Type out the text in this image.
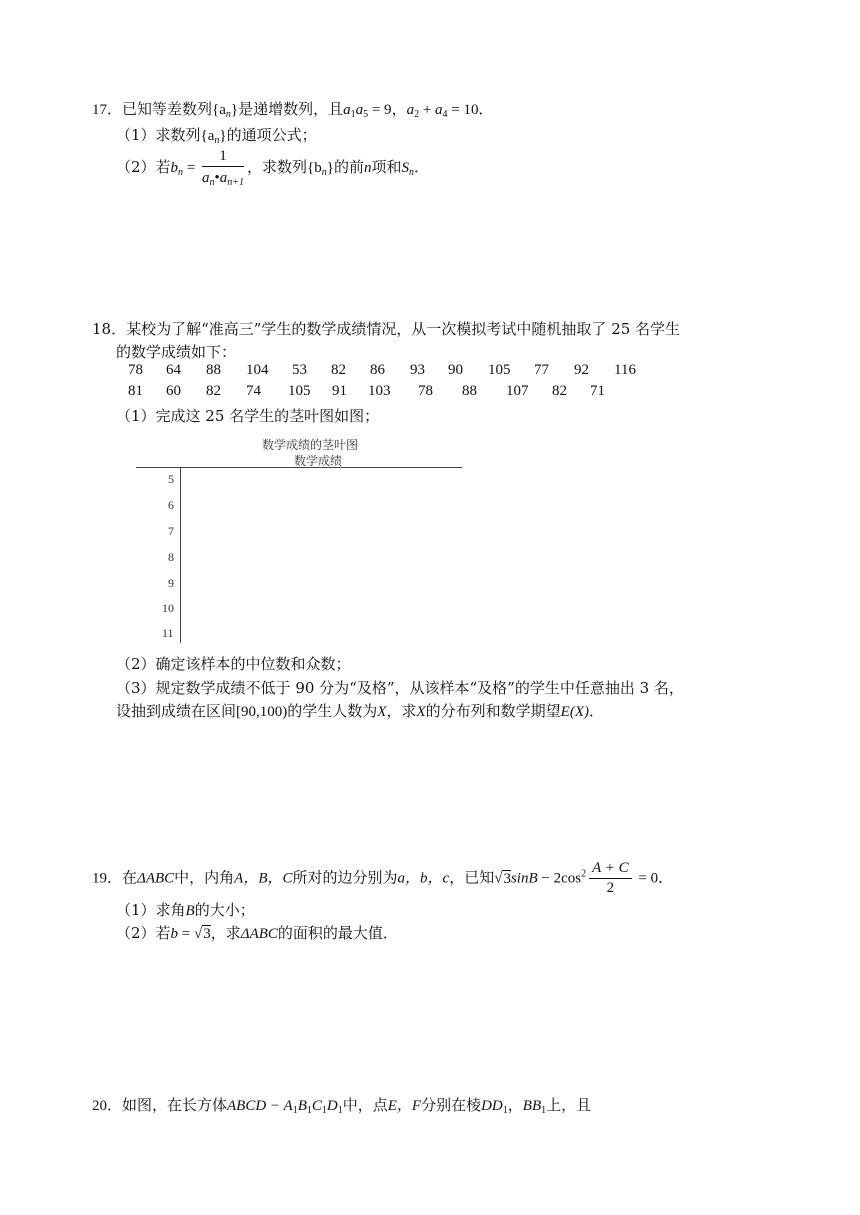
17．已知等差数列$\{a_n\}$是递增数列，且$a_1a_5 = 9$，$a_2 + a_4 = 10$．
（1）求数列$\{a_n\}$的通项公式；
（2）若$b_n = \frac{1}{a_n•a_{n+1}}$ ，求数列$\{b_n\}$的前n项和$S_n$．
18．某校为了解“准高三”学生的数学成绩情况，从一次模拟考试中随机抽取了 25 名学生
的数学成绩如下：
78 64 88 104 53 82 86 93 90 105 77 92 116
81 60 82 74 105 91 103 78 88 107 82 71
（1）完成这 25 名学生的茎叶图如图；
数学成绩的茎叶图
数学成绩
5
6
7
8
9
10
11
（2）确定该样本的中位数和众数；
（3）规定数学成绩不低于 90 分为“及格”，从该样本“及格”的学生中任意抽出 3 名，
设抽到成绩在区间[90,100)的学生人数为X，求X的分布列和数学期望E(X)．
19．在ΔABC中，内角A，B，C所对的边分别为a，b，c，已知$√3\sin B - 2\cos^2 \frac{A + C}{2} = 0$．
（1）求角B的大小；
（2）若b = √3，求ΔABC的面积的最大值．
20．如图，在长方体ABCD − $A_1B_1C_1D_1$中，点E，F分别在棱$DD_1$，$BB_1$上，且
